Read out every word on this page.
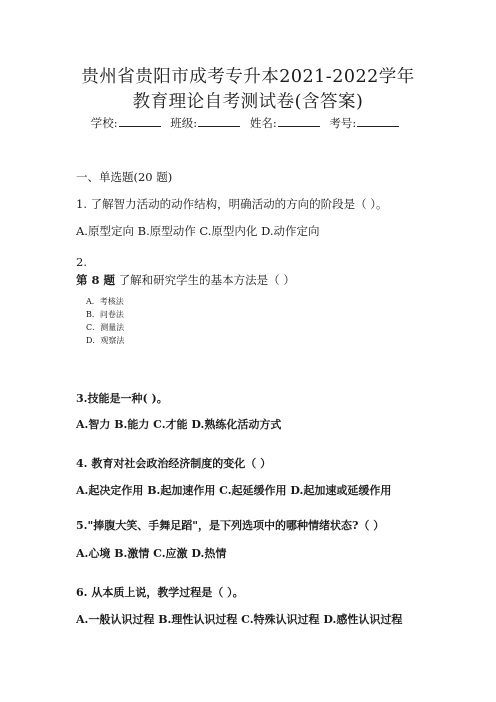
贵州省贵阳市成考专升本2021-2022学年
教育理论自考测试卷(含答案)
学校:	班级:	姓名:	考号:
一、单选题(20 题)
1. 了解智力活动的动作结构，明确活动的方向的阶段是（ ）。
A.原型定向 B.原型动作 C.原型内化 D.动作定向
2.
第 8 题 了解和研究学生的基本方法是（ ）
A．考核法
B．问卷法
C．测量法
D．观察法
3.技能是一种( )。
A.智力 B.能力 C.才能 D.熟练化活动方式
4. 教育对社会政治经济制度的变化（ ）
A.起决定作用 B.起加速作用 C.起延缓作用 D.起加速或延缓作用
5."捧腹大笑、手舞足蹈"，是下列选项中的哪种情绪状态?（ ）
A.心境 B.激情 C.应激 D.热情
6. 从本质上说，教学过程是（ ）。
A.一般认识过程 B.理性认识过程 C.特殊认识过程 D.感性认识过程
